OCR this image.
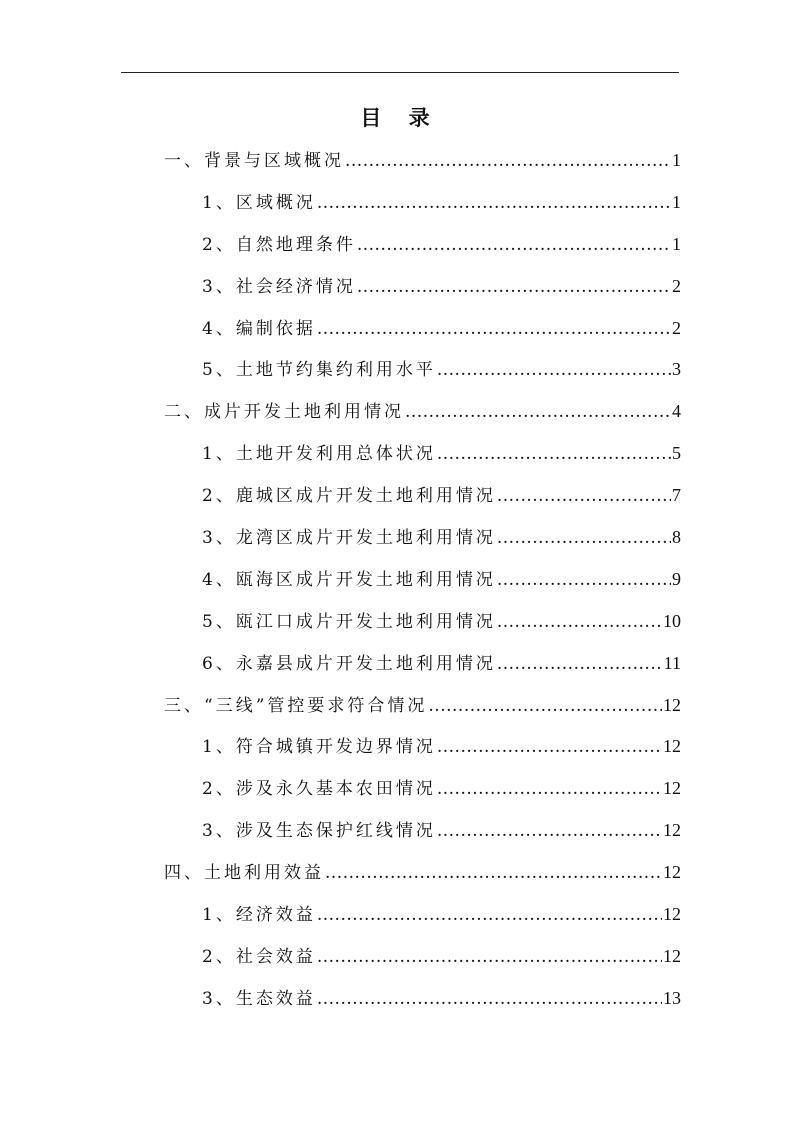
目 录
一、背景与区域概况 .....	1
1、区域概况 .....	1
2、自然地理条件 .....	1
3、社会经济情况 .....	2
4、编制依据 .....	2
5、土地节约集约利用水平 .....	3
二、成片开发土地利用情况 .....	4
1、土地开发利用总体状况 .....	5
2、鹿城区成片开发土地利用情况 .....	7
3、龙湾区成片开发土地利用情况 .....	8
4、瓯海区成片开发土地利用情况 .....	9
5、瓯江口成片开发土地利用情况 .....	10
6、永嘉县成片开发土地利用情况 .....	11
三、“三线”管控要求符合情况 .....	12
1、符合城镇开发边界情况 .....	12
2、涉及永久基本农田情况 .....	12
3、涉及生态保护红线情况 .....	12
四、土地利用效益 .....	12
1、经济效益 .....	12
2、社会效益 .....	12
3、生态效益 .....	13
